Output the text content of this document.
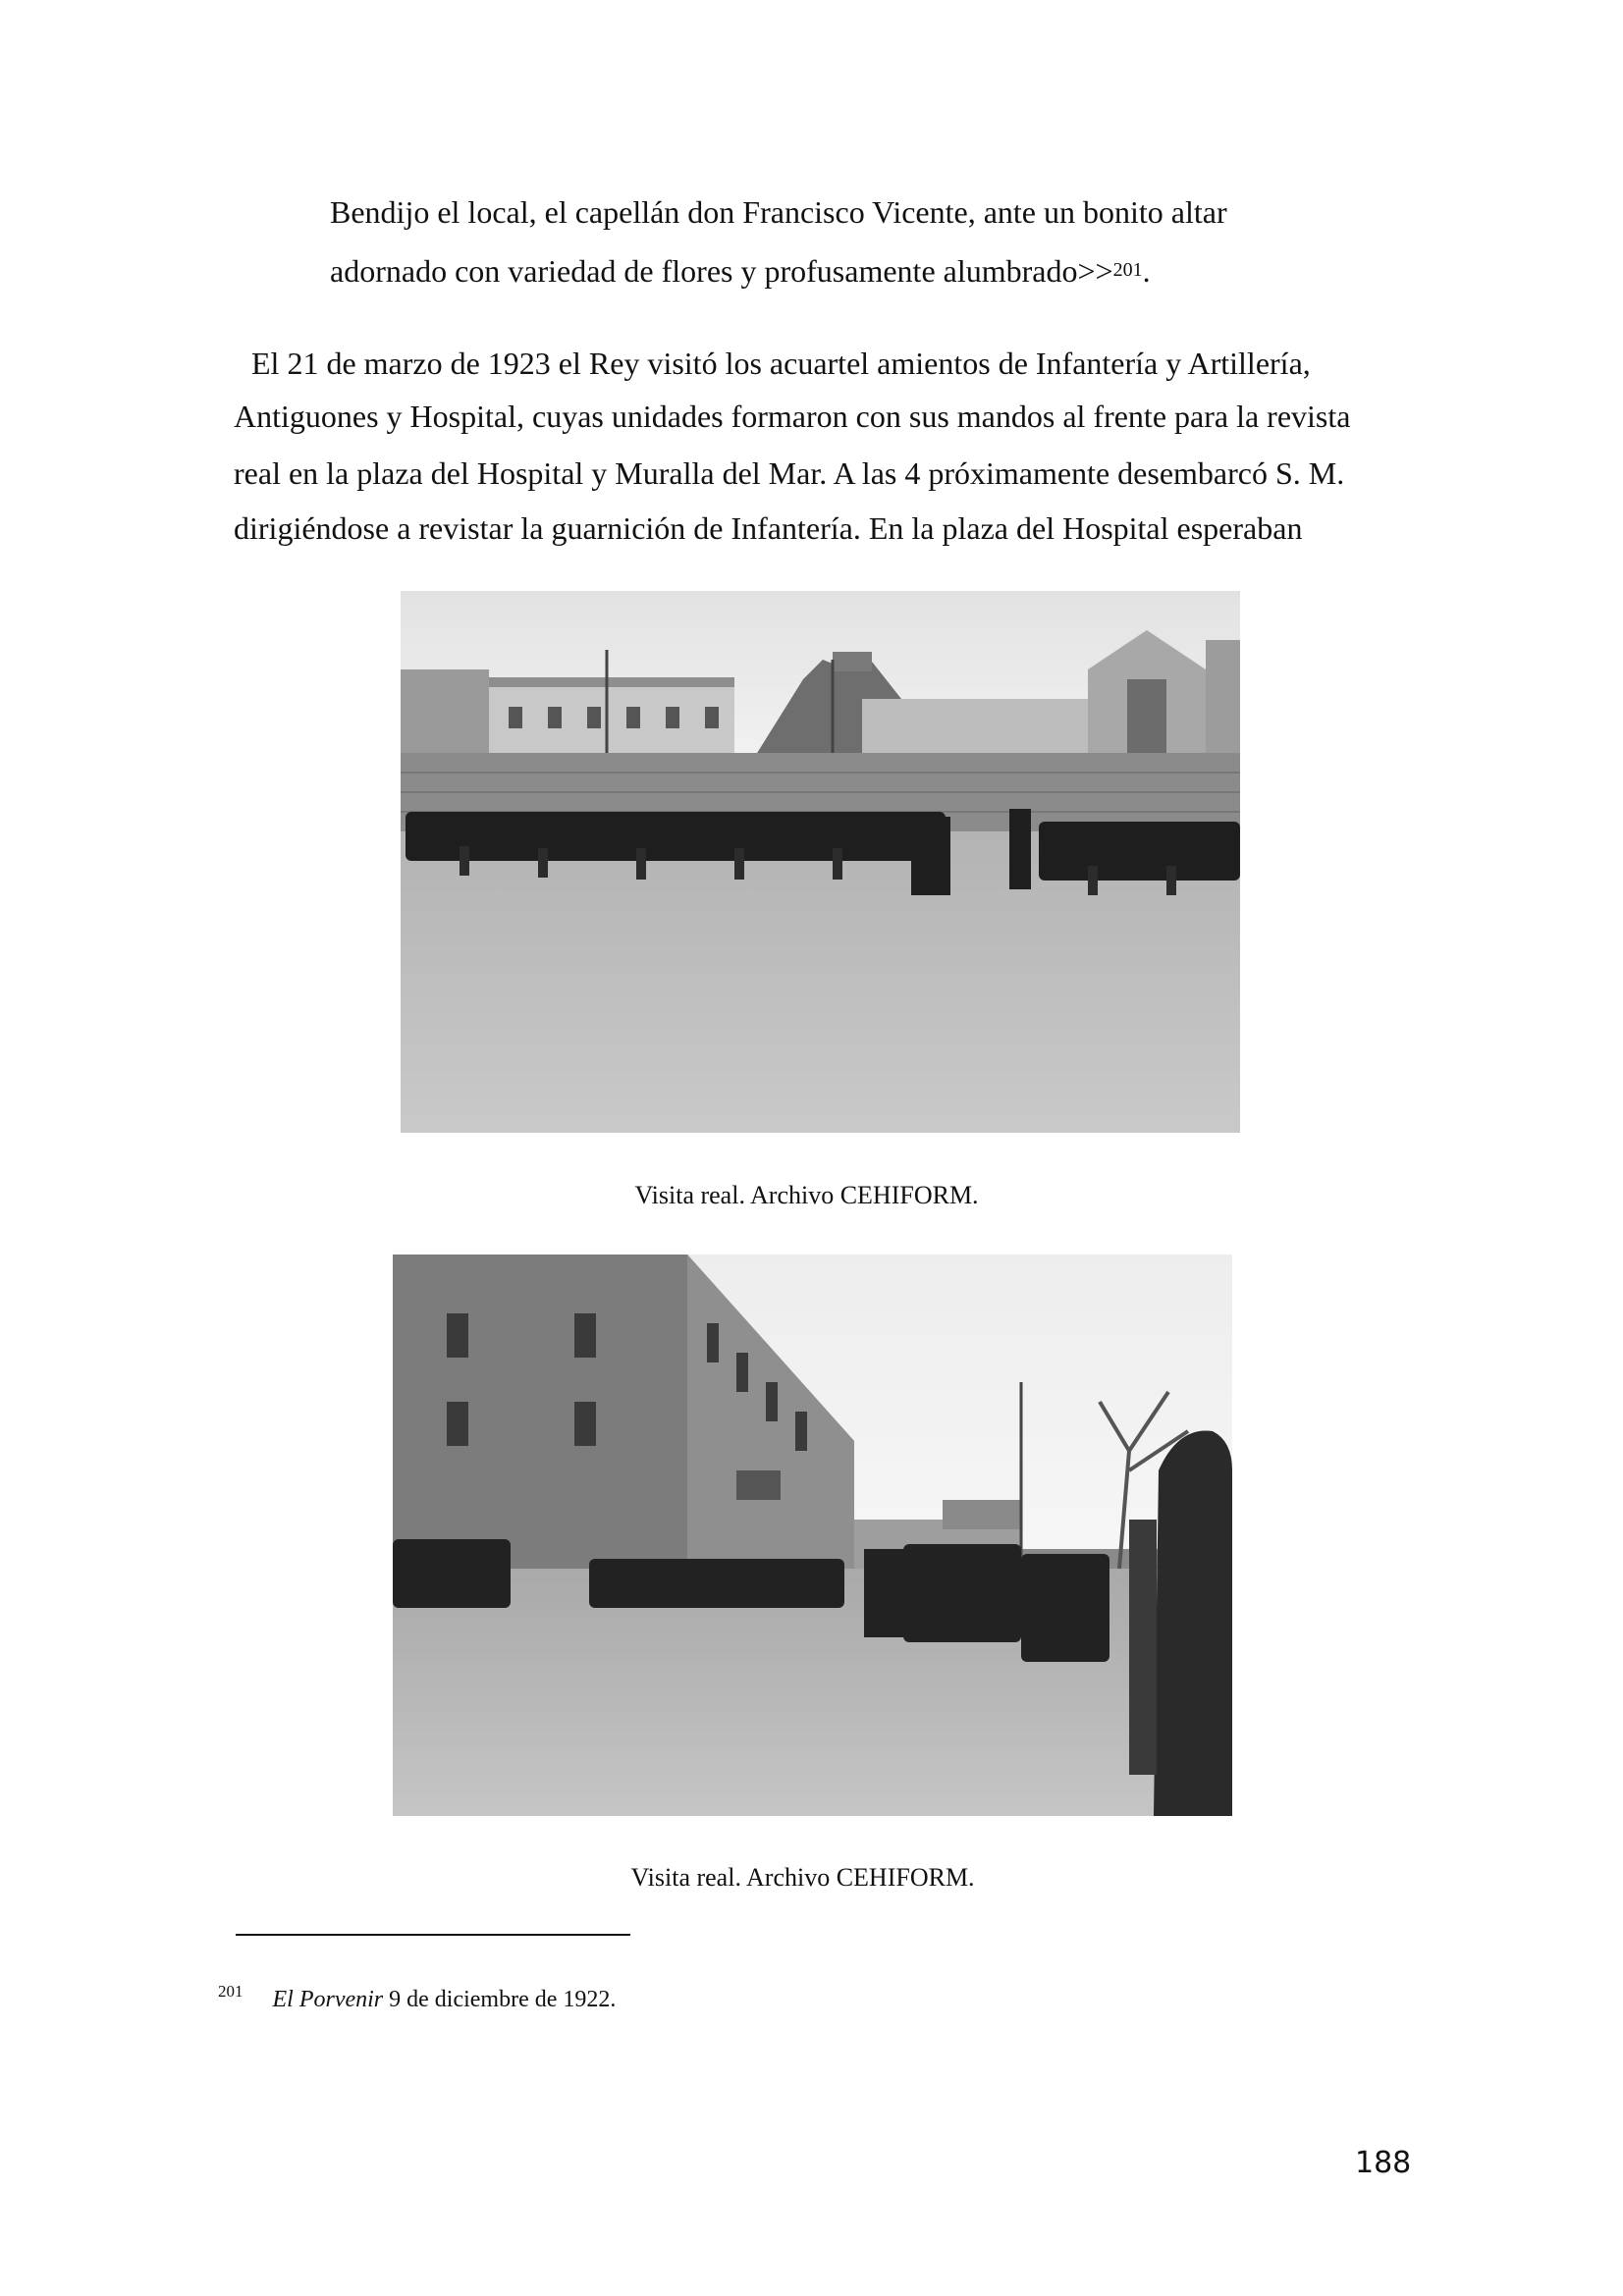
Bendijo el local, el capellán don Francisco Vicente, ante un bonito altar
adornado con variedad de flores y profusamente alumbrado>>$^{201}$.
El 21 de marzo de 1923 el Rey visitó los acuartel amientos de Infantería y Artillería,
Antiguones y Hospital, cuyas unidades formaron con sus mandos al frente para la revista
real en la plaza del Hospital y Muralla del Mar. A las 4 próximamente desembarcó S. M.
dirigiéndose a revistar la guarnición de Infantería. En la plaza del Hospital esperaban
Visita real. Archivo CEHIFORM.
Visita real. Archivo CEHIFORM.
$^{201}$ El Porvenir 9 de diciembre de 1922.
188
